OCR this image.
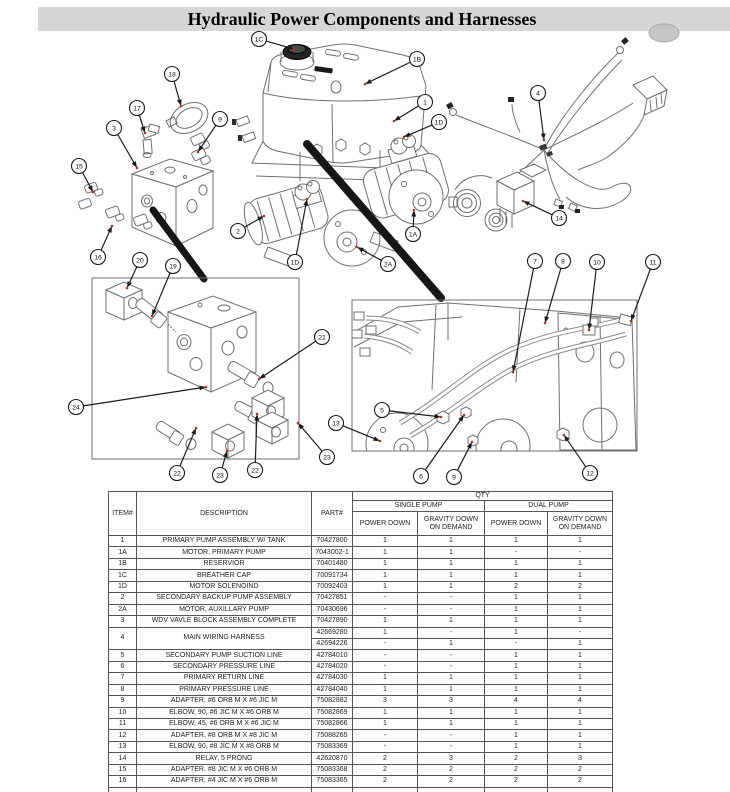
Hydraulic Power Components and Harnesses
1C
18
17
3
9
15
16
2
1B
1
1D
4
14
1A
1D	2A
20
19
21
24
22	23
22
23
13
5
6	9
7	8	10	11
12
ITEM#	DESCRIPTION	PART#	QTY			
			SINGLE PUMP		DUAL PUMP	
			POWER DOWN	GRAVITY DOWN ON DEMAND	POWER DOWN	GRAVITY DOWN ON DEMAND
1	PRIMARY PUMP ASSEMBLY W/ TANK	70427800	1	1	1	1
1A	MOTOR, PRIMARY PUMP	7043002-1	1	1	-	-
1B	RESERVIOR	70401480	1	1	1	1
1C	BREATHER CAP	70091734	1	1	1	1
1D	MOTOR SOLENOIND	70092403	1	1	2	2
2	SECONDARY BACKUP PUMP ASSEMBLY	70427851	-	-	1	1
2A	MOTOR, AUXILLARY PUMP	70430696	-	-	1	1
3	WDV VAVLE BLOCK ASSEMBLY COMPLETE	70427890	1	1	1	1
4	MAIN WIRING HARNESS	42669280	1	-	1	-
		42694226	-	1	-	1
5	SECONDARY PUMP SUCTION LINE	42784010	-	-	1	1
6	SECONDARY PRESSURE LINE	42784020	-	-	1	1
7	PRIMARY RETURN LINE	42784030	1	1	1	1
8	PRIMARY PRESSURE LINE	42784040	1	1	1	1
9	ADAPTER, #6 ORB M X #6 JIC M	75082882	3	3	4	4
10	ELBOW, 90, #6 JIC M X #6 ORB M	75082869	1	1	1	1
11	ELBOW, 45, #6 ORB M X #6 JIC M	75082866	1	1	1	1
12	ADAPTER, #8 ORB M X #8 JIC M	75088265	-	-	1	1
13	ELBOW, 90, #8 JIC M X #8 ORB M	75083369	-	-	1	1
14	RELAY, 5 PRONG	42620870	2	3	2	3
15	ADAPTER, #8 JIC M X #6 ORB M	75083368	2	2	2	2
16	ADAPTER, #4 JIC M X #6 ORB M	75083365	2	2	2	2
